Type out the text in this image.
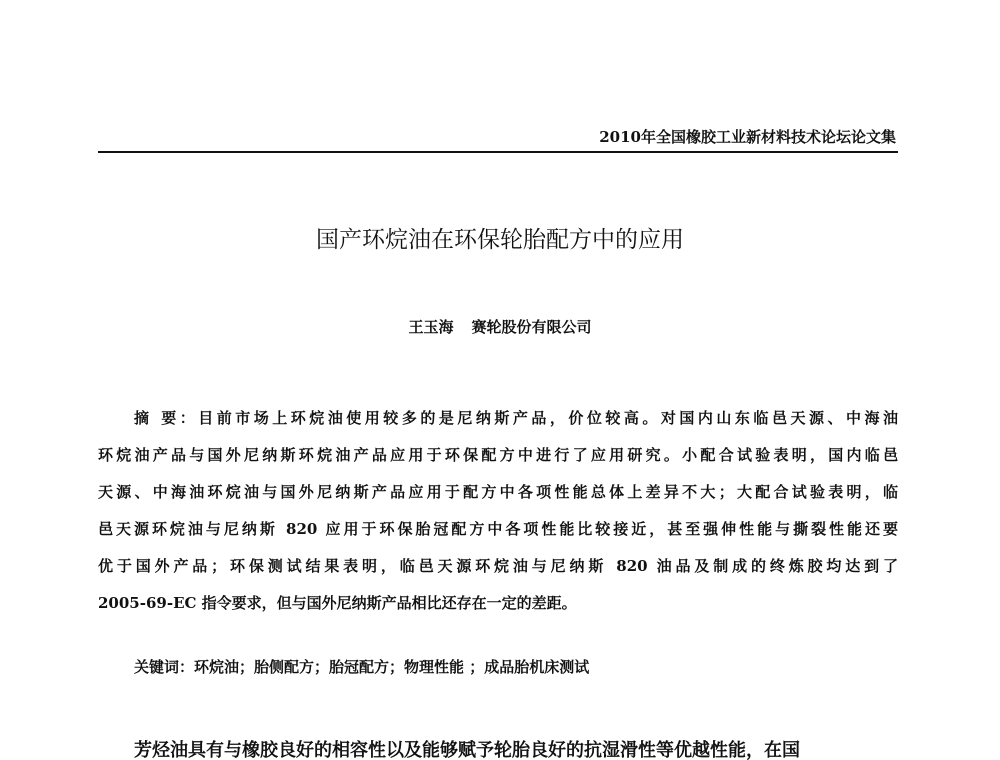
2010年全国橡胶工业新材料技术论坛论文集
国产环烷油在环保轮胎配方中的应用
王玉海 赛轮股份有限公司
摘 要：目前市场上环烷油使用较多的是尼纳斯产品，价位较高。对国内山东临邑天源、中海油
环烷油产品与国外尼纳斯环烷油产品应用于环保配方中进行了应用研究。小配合试验表明，国内临邑
天源、中海油环烷油与国外尼纳斯产品应用于配方中各项性能总体上差异不大；大配合试验表明，临
邑天源环烷油与尼纳斯 820 应用于环保胎冠配方中各项性能比较接近，甚至强伸性能与撕裂性能还要
优于国外产品；环保测试结果表明，临邑天源环烷油与尼纳斯 820 油品及制成的终炼胶均达到了
2005-69-EC 指令要求，但与国外尼纳斯产品相比还存在一定的差距。
关键词：环烷油；胎侧配方；胎冠配方；物理性能 ；成品胎机床测试
芳烃油具有与橡胶良好的相容性以及能够赋予轮胎良好的抗湿滑性等优越性能，在国
